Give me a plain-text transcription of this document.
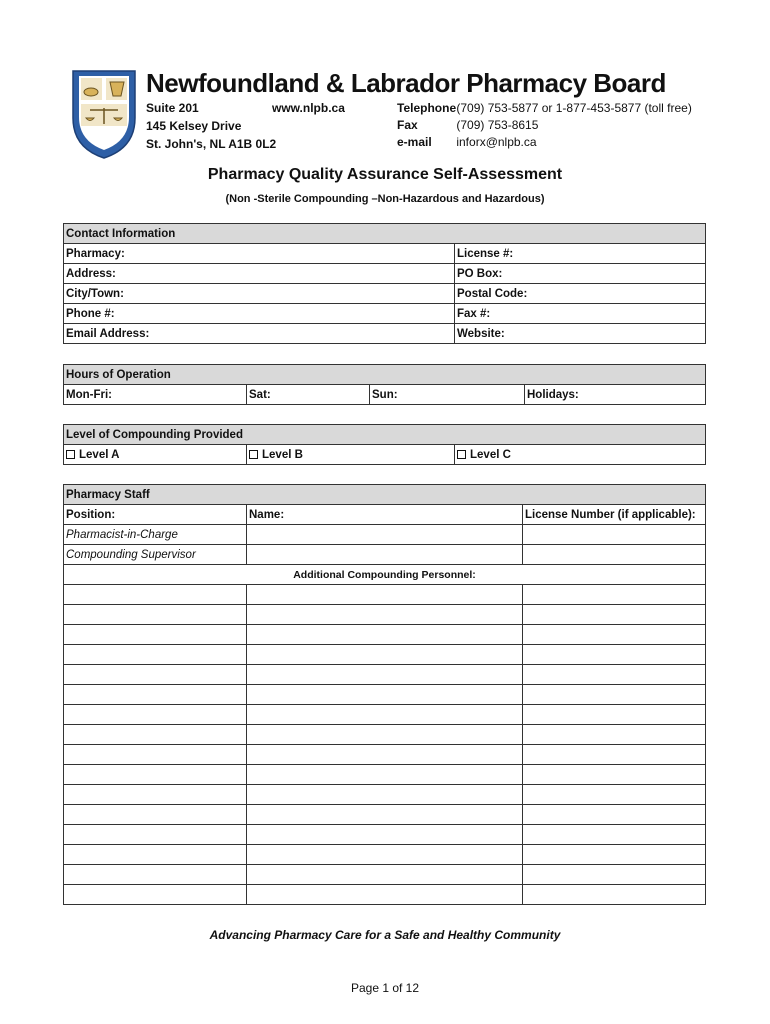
Newfoundland & Labrador Pharmacy Board
Suite 201
145 Kelsey Drive
St. John's, NL A1B 0L2
www.nlpb.ca	Telephone (709) 753-5877 or 1-877-453-5877 (toll free)
Fax	(709) 753-8615
e-mail inforx@nlpb.ca
Pharmacy Quality Assurance Self-Assessment
(Non -Sterile Compounding –Non-Hazardous and Hazardous)
Contact Information	
Pharmacy:	License #:
Address:	PO Box:
City/Town:	Postal Code:
Phone #:	Fax #:
Email Address:	Website:
Hours of Operation
Mon-Fri:	Sat:	Sun:	Holidays:
Level of Compounding Provided
Level A	Level B	Level C
Pharmacy Staff		
Position:	Name:	License Number (if applicable):
Pharmacist-in-Charge		
Compounding Supervisor		
Additional Compounding Personnel:		

Advancing Pharmacy Care for a Safe and Healthy Community
Page 1 of 12
